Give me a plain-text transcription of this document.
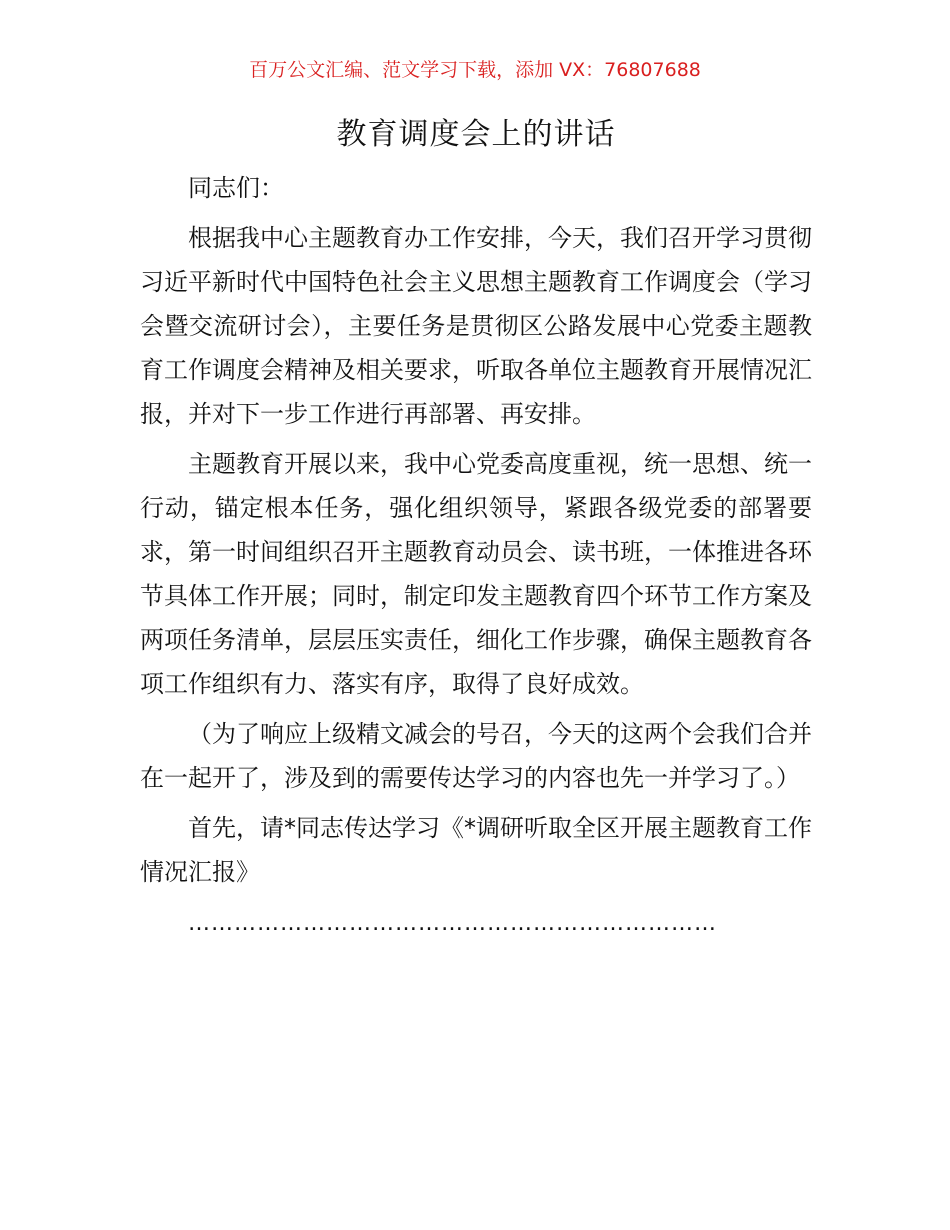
百万公文汇编、范文学习下载，添加 VX：76807688
教育调度会上的讲话

同志们：

根据我中心主题教育办工作安排，今天，我们召开学习贯彻习近平新时代中国特色社会主义思想主题教育工作调度会（学习会暨交流研讨会），主要任务是贯彻区公路发展中心党委主题教育工作调度会精神及相关要求，听取各单位主题教育开展情况汇报，并对下一步工作进行再部署、再安排。

主题教育开展以来，我中心党委高度重视，统一思想、统一行动，锚定根本任务，强化组织领导，紧跟各级党委的部署要求，第一时间组织召开主题教育动员会、读书班，一体推进各环节具体工作开展；同时，制定印发主题教育四个环节工作方案及两项任务清单，层层压实责任，细化工作步骤，确保主题教育各项工作组织有力、落实有序，取得了良好成效。

（为了响应上级精文减会的号召，今天的这两个会我们合并在一起开了，涉及到的需要传达学习的内容也先一并学习了。）

首先，请*同志传达学习《*调研听取全区开展主题教育工作情况汇报》

……………………………………………………………
